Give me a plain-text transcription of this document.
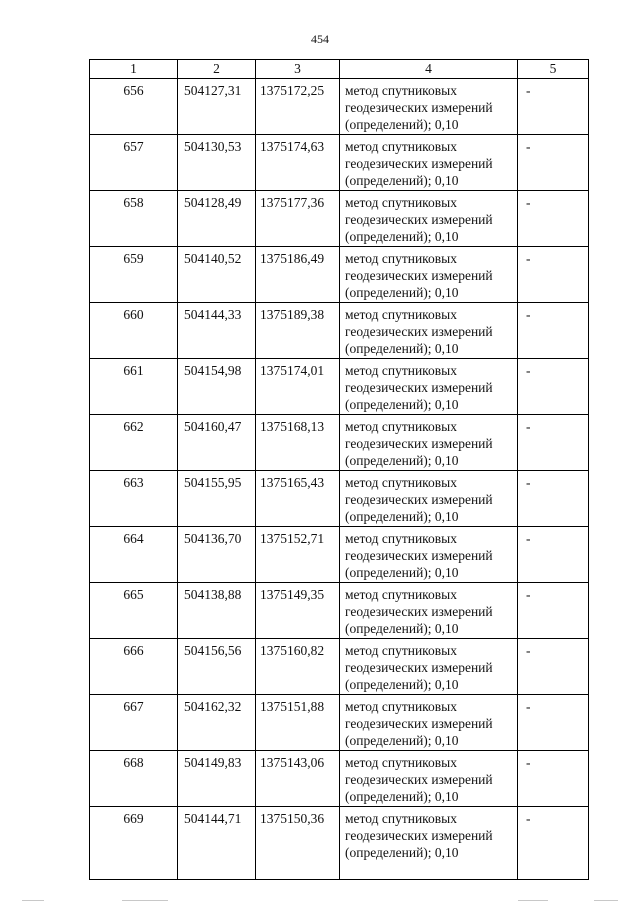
454
1	2	3	4	5
656	504127,31	1375172,25	метод спутниковых
геодезических измерений
(определений); 0,10	-
657	504130,53	1375174,63	метод спутниковых
геодезических измерений
(определений); 0,10	-
658	504128,49	1375177,36	метод спутниковых
геодезических измерений
(определений); 0,10	-
659	504140,52	1375186,49	метод спутниковых
геодезических измерений
(определений); 0,10	-
660	504144,33	1375189,38	метод спутниковых
геодезических измерений
(определений); 0,10	-
661	504154,98	1375174,01	метод спутниковых
геодезических измерений
(определений); 0,10	-
662	504160,47	1375168,13	метод спутниковых
геодезических измерений
(определений); 0,10	-
663	504155,95	1375165,43	метод спутниковых
геодезических измерений
(определений); 0,10	-
664	504136,70	1375152,71	метод спутниковых
геодезических измерений
(определений); 0,10	-
665	504138,88	1375149,35	метод спутниковых
геодезических измерений
(определений); 0,10	-
666	504156,56	1375160,82	метод спутниковых
геодезических измерений
(определений); 0,10	-
667	504162,32	1375151,88	метод спутниковых
геодезических измерений
(определений); 0,10	-
668	504149,83	1375143,06	метод спутниковых
геодезических измерений
(определений); 0,10	-
669	504144,71	1375150,36	метод спутниковых
геодезических измерений
(определений); 0,10	-
